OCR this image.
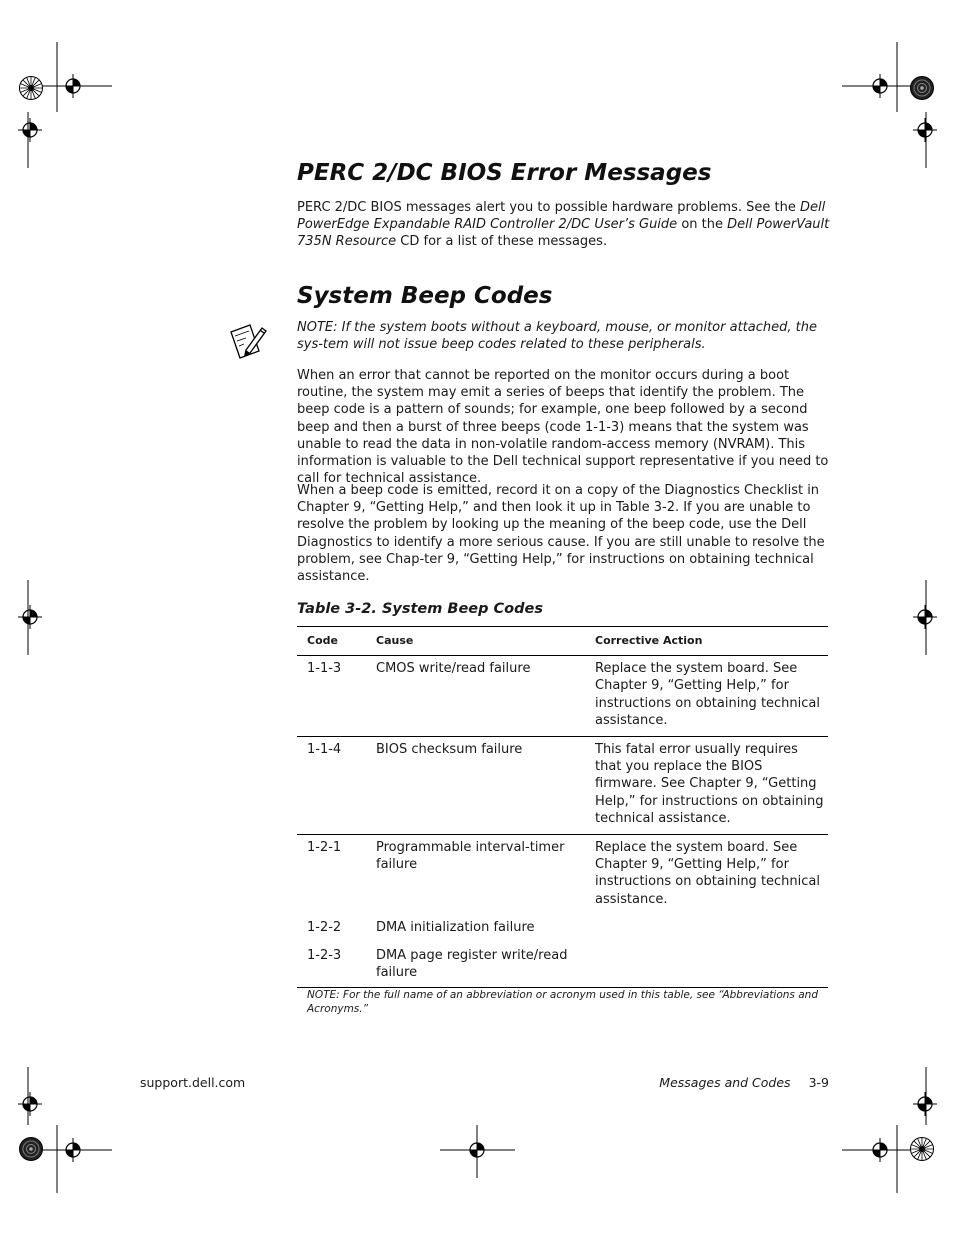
PERC 2/DC BIOS Error Messages

PERC 2/DC BIOS messages alert you to possible hardware problems. See the Dell PowerEdge Expandable RAID Controller 2/DC User’s Guide on the Dell PowerVault 735N Resource CD for a list of these messages.

System Beep Codes

NOTE: If the system boots without a keyboard, mouse, or monitor attached, the sys-tem will not issue beep codes related to these peripherals.

When an error that cannot be reported on the monitor occurs during a boot routine, the system may emit a series of beeps that identify the problem. The beep code is a pattern of sounds; for example, one beep followed by a second beep and then a burst of three beeps (code 1-1-3) means that the system was unable to read the data in non-volatile random-access memory (NVRAM). This information is valuable to the Dell technical support representative if you need to call for technical assistance.

When a beep code is emitted, record it on a copy of the Diagnostics Checklist in Chapter 9, “Getting Help,” and then look it up in Table 3-2. If you are unable to resolve the problem by looking up the meaning of the beep code, use the Dell Diagnostics to identify a more serious cause. If you are still unable to resolve the problem, see Chap-ter 9, “Getting Help,” for instructions on obtaining technical assistance.

Table 3-2. System Beep Codes

Code	Cause	Corrective Action
1-1-3	CMOS write/read failure	Replace the system board. See Chapter 9, “Getting Help,” for instructions on obtaining technical assistance.
1-1-4	BIOS checksum failure	This fatal error usually requires that you replace the BIOS firmware. See Chapter 9, “Getting Help,” for instructions on obtaining technical assistance.
1-2-1	Programmable interval-timer failure	Replace the system board. See Chapter 9, “Getting Help,” for instructions on obtaining technical assistance.
1-2-2	DMA initialization failure	
1-2-3	DMA page register write/read failure	

NOTE: For the full name of an abbreviation or acronym used in this table, see “Abbreviations and Acronyms.”

support.dell.com	Messages and Codes 3-9
